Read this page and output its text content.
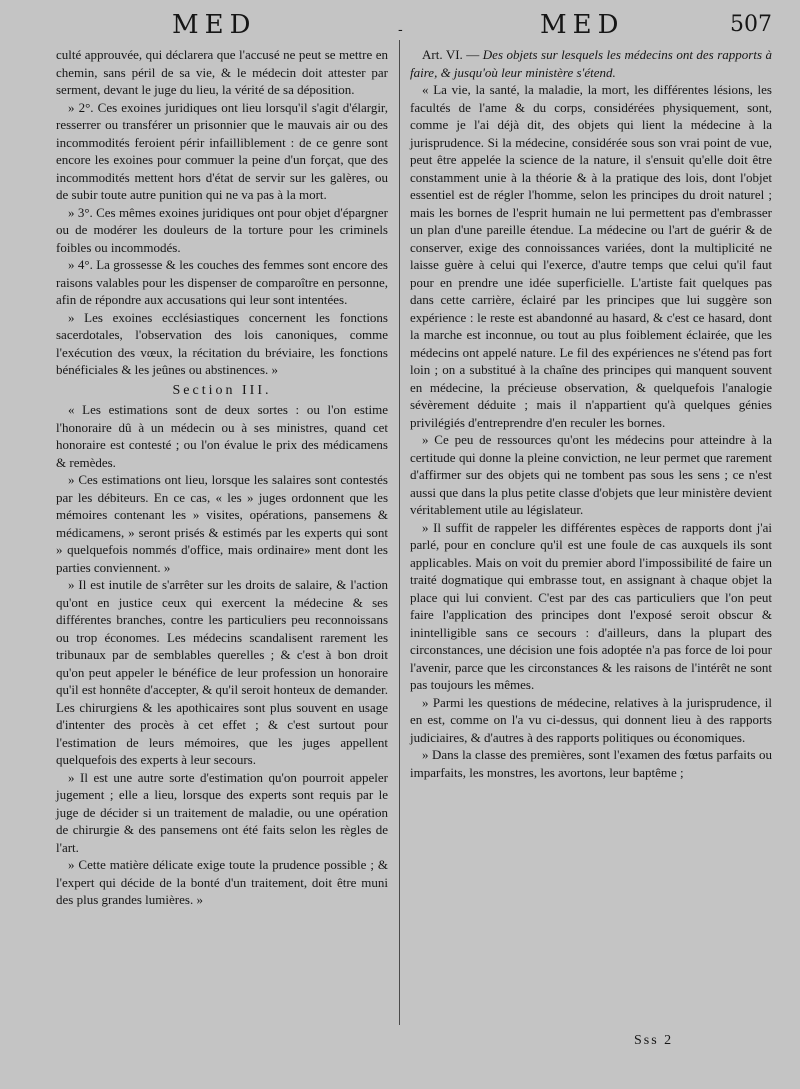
MED	-	MED	507

culté approuvée, qui déclarera que l'accusé ne peut se mettre en chemin, sans péril de sa vie, & le médecin doit attester par serment, devant le juge du lieu, la vérité de sa déposition.

» 2°. Ces exoines juridiques ont lieu lorsqu'il s'agit d'élargir, resserrer ou transférer un prisonnier que le mauvais air ou des incommodités feroient périr infailliblement : de ce genre sont encore les exoines pour commuer la peine d'un forçat, que des incommodités mettent hors d'état de servir sur les galères, ou de subir toute autre punition qui ne va pas à la mort.

» 3°. Ces mêmes exoines juridiques ont pour objet d'épargner ou de modérer les douleurs de la torture pour les criminels foibles ou incommodés.

» 4°. La grossesse & les couches des femmes sont encore des raisons valables pour les dispenser de comparoître en personne, afin de répondre aux accusations qui leur sont intentées.

» Les exoines ecclésiastiques concernent les fonctions sacerdotales, l'observation des lois canoniques, comme l'exécution des vœux, la récitation du bréviaire, les fonctions bénéficiales & les jeûnes ou abstinences. »

Section III.

« Les estimations sont de deux sortes : ou l'on estime l'honoraire dû à un médecin ou à ses ministres, quand cet honoraire est contesté ; ou l'on évalue le prix des médicamens & remèdes.

» Ces estimations ont lieu, lorsque les salaires sont contestés par les débiteurs. En ce cas, « les » juges ordonnent que les mémoires contenant les » visites, opérations, pansemens & médicamens, » seront prisés & estimés par les experts qui sont » quelquefois nommés d'office, mais ordinaire» ment dont les parties conviennent. »

» Il est inutile de s'arrêter sur les droits de salaire, & l'action qu'ont en justice ceux qui exercent la médecine & ses différentes branches, contre les particuliers peu reconnoissans ou trop économes. Les médecins scandalisent rarement les tribunaux par de semblables querelles ; & c'est à bon droit qu'on peut appeler le bénéfice de leur profession un honoraire qu'il est honnête d'accepter, & qu'il seroit honteux de demander. Les chirurgiens & les apothicaires sont plus souvent en usage d'intenter des procès à cet effet ; & c'est surtout pour l'estimation de leurs mémoires, que les juges appellent quelquefois des experts à leur secours.

» Il est une autre sorte d'estimation qu'on pourroit appeler jugement ; elle a lieu, lorsque des experts sont requis par le juge de décider si un traitement de maladie, ou une opération de chirurgie & des pansemens ont été faits selon les règles de l'art.

» Cette matière délicate exige toute la prudence possible ; & l'expert qui décide de la bonté d'un traitement, doit être muni des plus grandes lumières. »

Art. VI. — Des objets sur lesquels les médecins ont des rapports à faire, & jusqu'où leur ministère s'étend.

« La vie, la santé, la maladie, la mort, les différentes lésions, les facultés de l'ame & du corps, considérées physiquement, sont, comme je l'ai déjà dit, des objets qui lient la médecine à la jurisprudence. Si la médecine, considérée sous son vrai point de vue, peut être appelée la science de la nature, il s'ensuit qu'elle doit être constamment unie à la théorie & à la pratique des lois, dont l'objet essentiel est de régler l'homme, selon les principes du droit naturel ; mais les bornes de l'esprit humain ne lui permettent pas d'embrasser un plan d'une pareille étendue. La médecine ou l'art de guérir & de conserver, exige des connoissances variées, dont la multiplicité ne laisse guère à celui qui l'exerce, d'autre temps que celui qu'il faut pour en prendre une idée superficielle. L'artiste fait quelques pas dans cette carrière, éclairé par les principes que lui suggère son expérience : le reste est abandonné au hasard, & c'est ce hasard, dont la marche est inconnue, ou tout au plus foiblement éclairée, que les médecins ont appelé nature. Le fil des expériences ne s'étend pas fort loin ; on a substitué à la chaîne des principes qui manquent souvent en médecine, la précieuse observation, & quelquefois l'analogie sévèrement déduite ; mais il n'appartient qu'à quelques génies privilégiés d'entreprendre d'en reculer les bornes.

» Ce peu de ressources qu'ont les médecins pour atteindre à la certitude qui donne la pleine conviction, ne leur permet que rarement d'affirmer sur des objets qui ne tombent pas sous les sens ; ce n'est aussi que dans la plus petite classe d'objets que leur ministère devient véritablement utile au législateur.

» Il suffit de rappeler les différentes espèces de rapports dont j'ai parlé, pour en conclure qu'il est une foule de cas auxquels ils sont applicables. Mais on voit du premier abord l'impossibilité de faire un traité dogmatique qui embrasse tout, en assignant à chaque objet la place qui lui convient. C'est par des cas particuliers que l'on peut faire l'application des principes dont l'exposé seroit obscur & inintelligible sans ce secours : d'ailleurs, dans la plupart des circonstances, une décision une fois adoptée n'a pas force de loi pour l'avenir, parce que les circonstances & les raisons de l'intérêt ne sont pas toujours les mêmes.

» Parmi les questions de médecine, relatives à la jurisprudence, il en est, comme on l'a vu ci-dessus, qui donnent lieu à des rapports judiciaires, & d'autres à des rapports politiques ou économiques.

» Dans la classe des premières, sont l'examen des fœtus parfaits ou imparfaits, les monstres, les avortons, leur baptême ;

Sss 2
